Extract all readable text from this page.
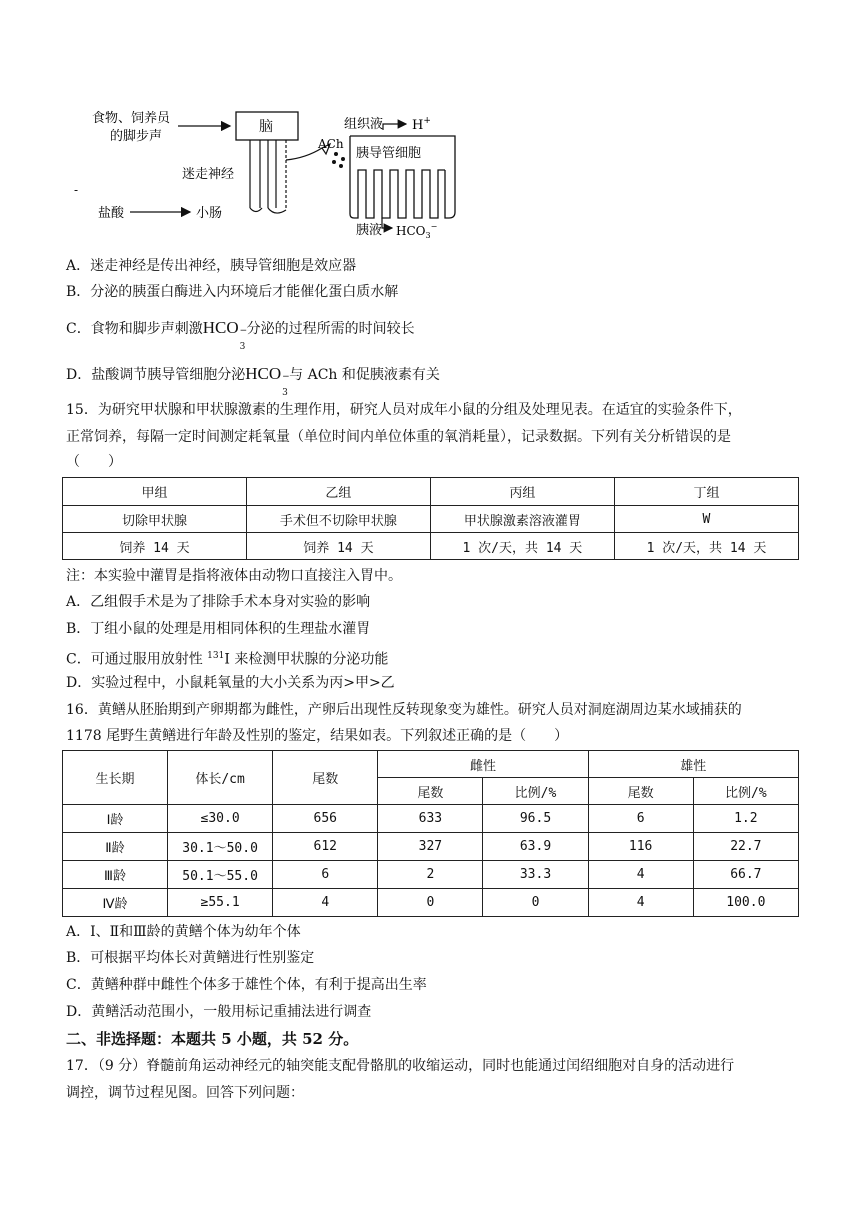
食物、饲养员
的脚步声
脑
迷走神经
盐酸	小肠
ACh
组织液 H+
胰导管细胞
胰液 $HCO_3^-$
-
A．迷走神经是传出神经，胰导管细胞是效应器
B．分泌的胰蛋白酶进入内环境后才能催化蛋白质水解
C．食物和脚步声刺激HCO −
3
分泌的过程所需的时间较长
D．盐酸调节胰导管细胞分泌HCO −
3
与 ACh 和促胰液素有关
15．为研究甲状腺和甲状腺激素的生理作用，研究人员对成年小鼠的分组及处理见表。在适宜的实验条件下，
正常饲养，每隔一定时间测定耗氧量（单位时间内单位体重的氧消耗量），记录数据。下列有关分析错误的是
（　　）
甲组	乙组	丙组	丁组
切除甲状腺	手术但不切除甲状腺	甲状腺激素溶液灌胃	W
饲养 14 天	饲养 14 天	1 次/天，共 14 天	1 次/天，共 14 天
注：本实验中灌胃是指将液体由动物口直接注入胃中。
A．乙组假手术是为了排除手术本身对实验的影响
B．丁组小鼠的处理是用相同体积的生理盐水灌胃
C．可通过服用放射性 $^{131}$I 来检测甲状腺的分泌功能
D．实验过程中，小鼠耗氧量的大小关系为丙>甲>乙
16．黄鳝从胚胎期到产卵期都为雌性，产卵后出现性反转现象变为雄性。研究人员对洞庭湖周边某水域捕获的
1178 尾野生黄鳝进行年龄及性别的鉴定，结果如表。下列叙述正确的是（　　）
生长期	体长/cm	尾数	雌性		雄性	
			尾数	比例/%	尾数	比例/%
Ⅰ龄	≤30.0	656	633	96.5	6	1.2
Ⅱ龄	30.1～50.0	612	327	63.9	116	22.7
Ⅲ龄	50.1～55.0	6	2	33.3	4	66.7
Ⅳ龄	≥55.1	4	0	0	4	100.0
A．Ⅰ、Ⅱ和Ⅲ龄的黄鳝个体为幼年个体
B．可根据平均体长对黄鳝进行性别鉴定
C．黄鳝种群中雌性个体多于雄性个体，有利于提高出生率
D．黄鳝活动范围小，一般用标记重捕法进行调查
二、非选择题：本题共 5 小题，共 52 分。
17．（9 分）脊髓前角运动神经元的轴突能支配骨骼肌的收缩运动，同时也能通过闰绍细胞对自身的活动进行
调控，调节过程见图。回答下列问题：
